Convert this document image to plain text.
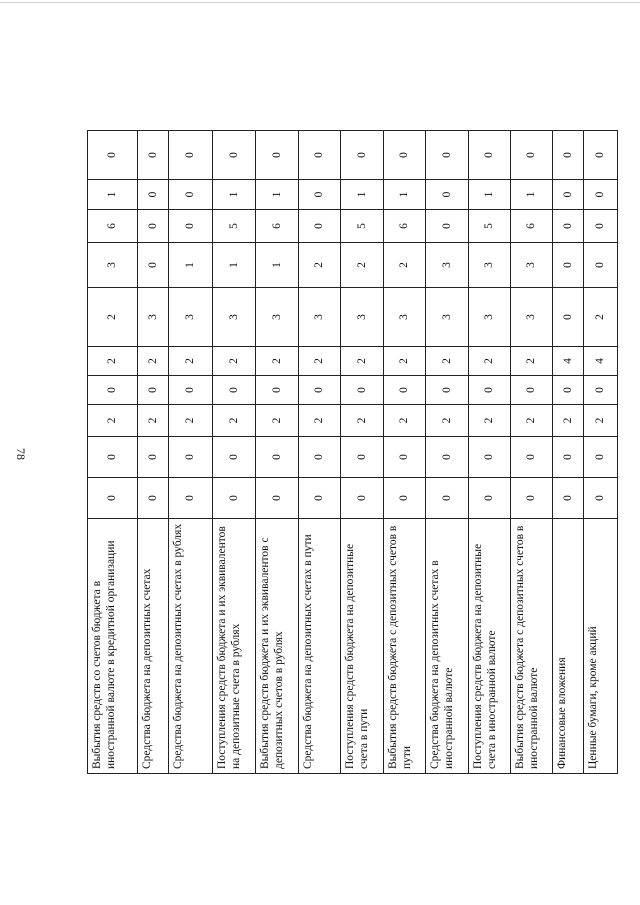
78
Выбытия средств со счетов бюджета в иностранной валюте в кредитной организации	0	0	2	0	2	2	3	6	1	0
Средства бюджета на депозитных счетах	0	0	2	0	2	3	0	0	0	0
Средства бюджета на депозитных счетах в рублях	0	0	2	0	2	3	1	0	0	0
Поступления средств бюджета и их эквивалентов на депозитные счета в рублях	0	0	2	0	2	3	1	5	1	0
Выбытия средств бюджета и их эквивалентов с депозитных счетов в рублях	0	0	2	0	2	3	1	6	1	0
Средства бюджета на депозитных счетах в пути	0	0	2	0	2	3	2	0	0	0
Поступления средств бюджета на депозитные счета в пути	0	0	2	0	2	3	2	5	1	0
Выбытия средств бюджета с депозитных счетов в пути	0	0	2	0	2	3	2	6	1	0
Средства бюджета на депозитных счетах в иностранной валюте	0	0	2	0	2	3	3	0	0	0
Поступления средств бюджета на депозитные счета в иностранной валюте	0	0	2	0	2	3	3	5	1	0
Выбытия средств бюджета с депозитных счетов в иностранной валюте	0	0	2	0	2	3	3	6	1	0
Финансовые вложения	0	0	2	0	4	0	0	0	0	0
Ценные бумаги, кроме акций	0	0	2	0	4	2	0	0	0	0
